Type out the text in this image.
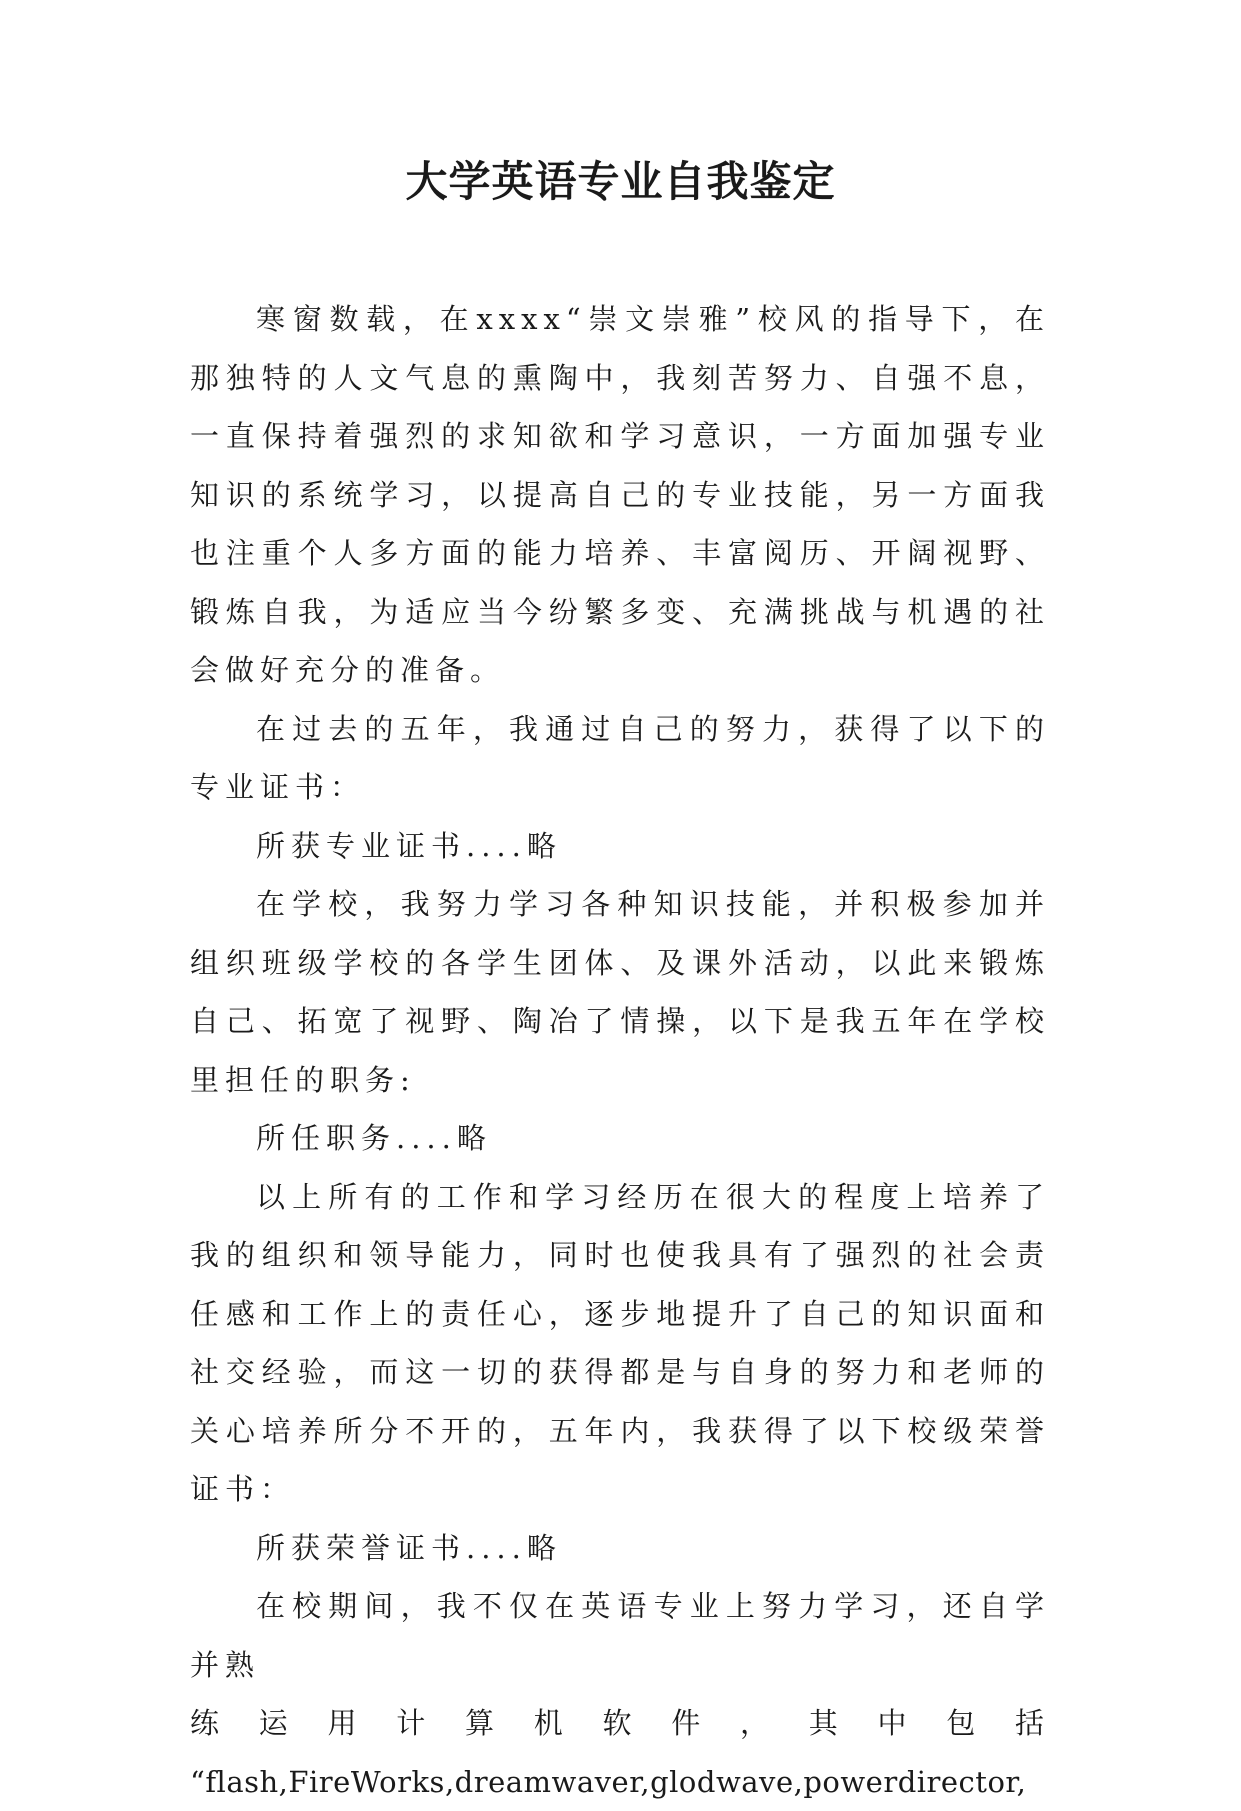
大学英语专业自我鉴定

寒窗数载，在xxxx“崇文崇雅”校风的指导下，在那独特的人文气息的熏陶中，我刻苦努力、自强不息，一直保持着强烈的求知欲和学习意识，一方面加强专业知识的系统学习，以提高自己的专业技能，另一方面我也注重个人多方面的能力培养、丰富阅历、开阔视野、锻炼自我，为适应当今纷繁多变、充满挑战与机遇的社会做好充分的准备。

在过去的五年，我通过自己的努力，获得了以下的专业证书：

所获专业证书....略

在学校，我努力学习各种知识技能，并积极参加并组织班级学校的各学生团体、及课外活动，以此来锻炼自己、拓宽了视野、陶冶了情操，以下是我五年在学校里担任的职务:

所任职务....略

以上所有的工作和学习经历在很大的程度上培养了我的组织和领导能力，同时也使我具有了强烈的社会责任感和工作上的责任心，逐步地提升了自己的知识面和社交经验，而这一切的获得都是与自身的努力和老师的关心培养所分不开的，五年内，我获得了以下校级荣誉证书：

所获荣誉证书....略

在校期间，我不仅在英语专业上努力学习，还自学并熟

练运用计算机软件，其中包括

“flash,FireWorks,dreamwaver,glodwave,powerdirector,
